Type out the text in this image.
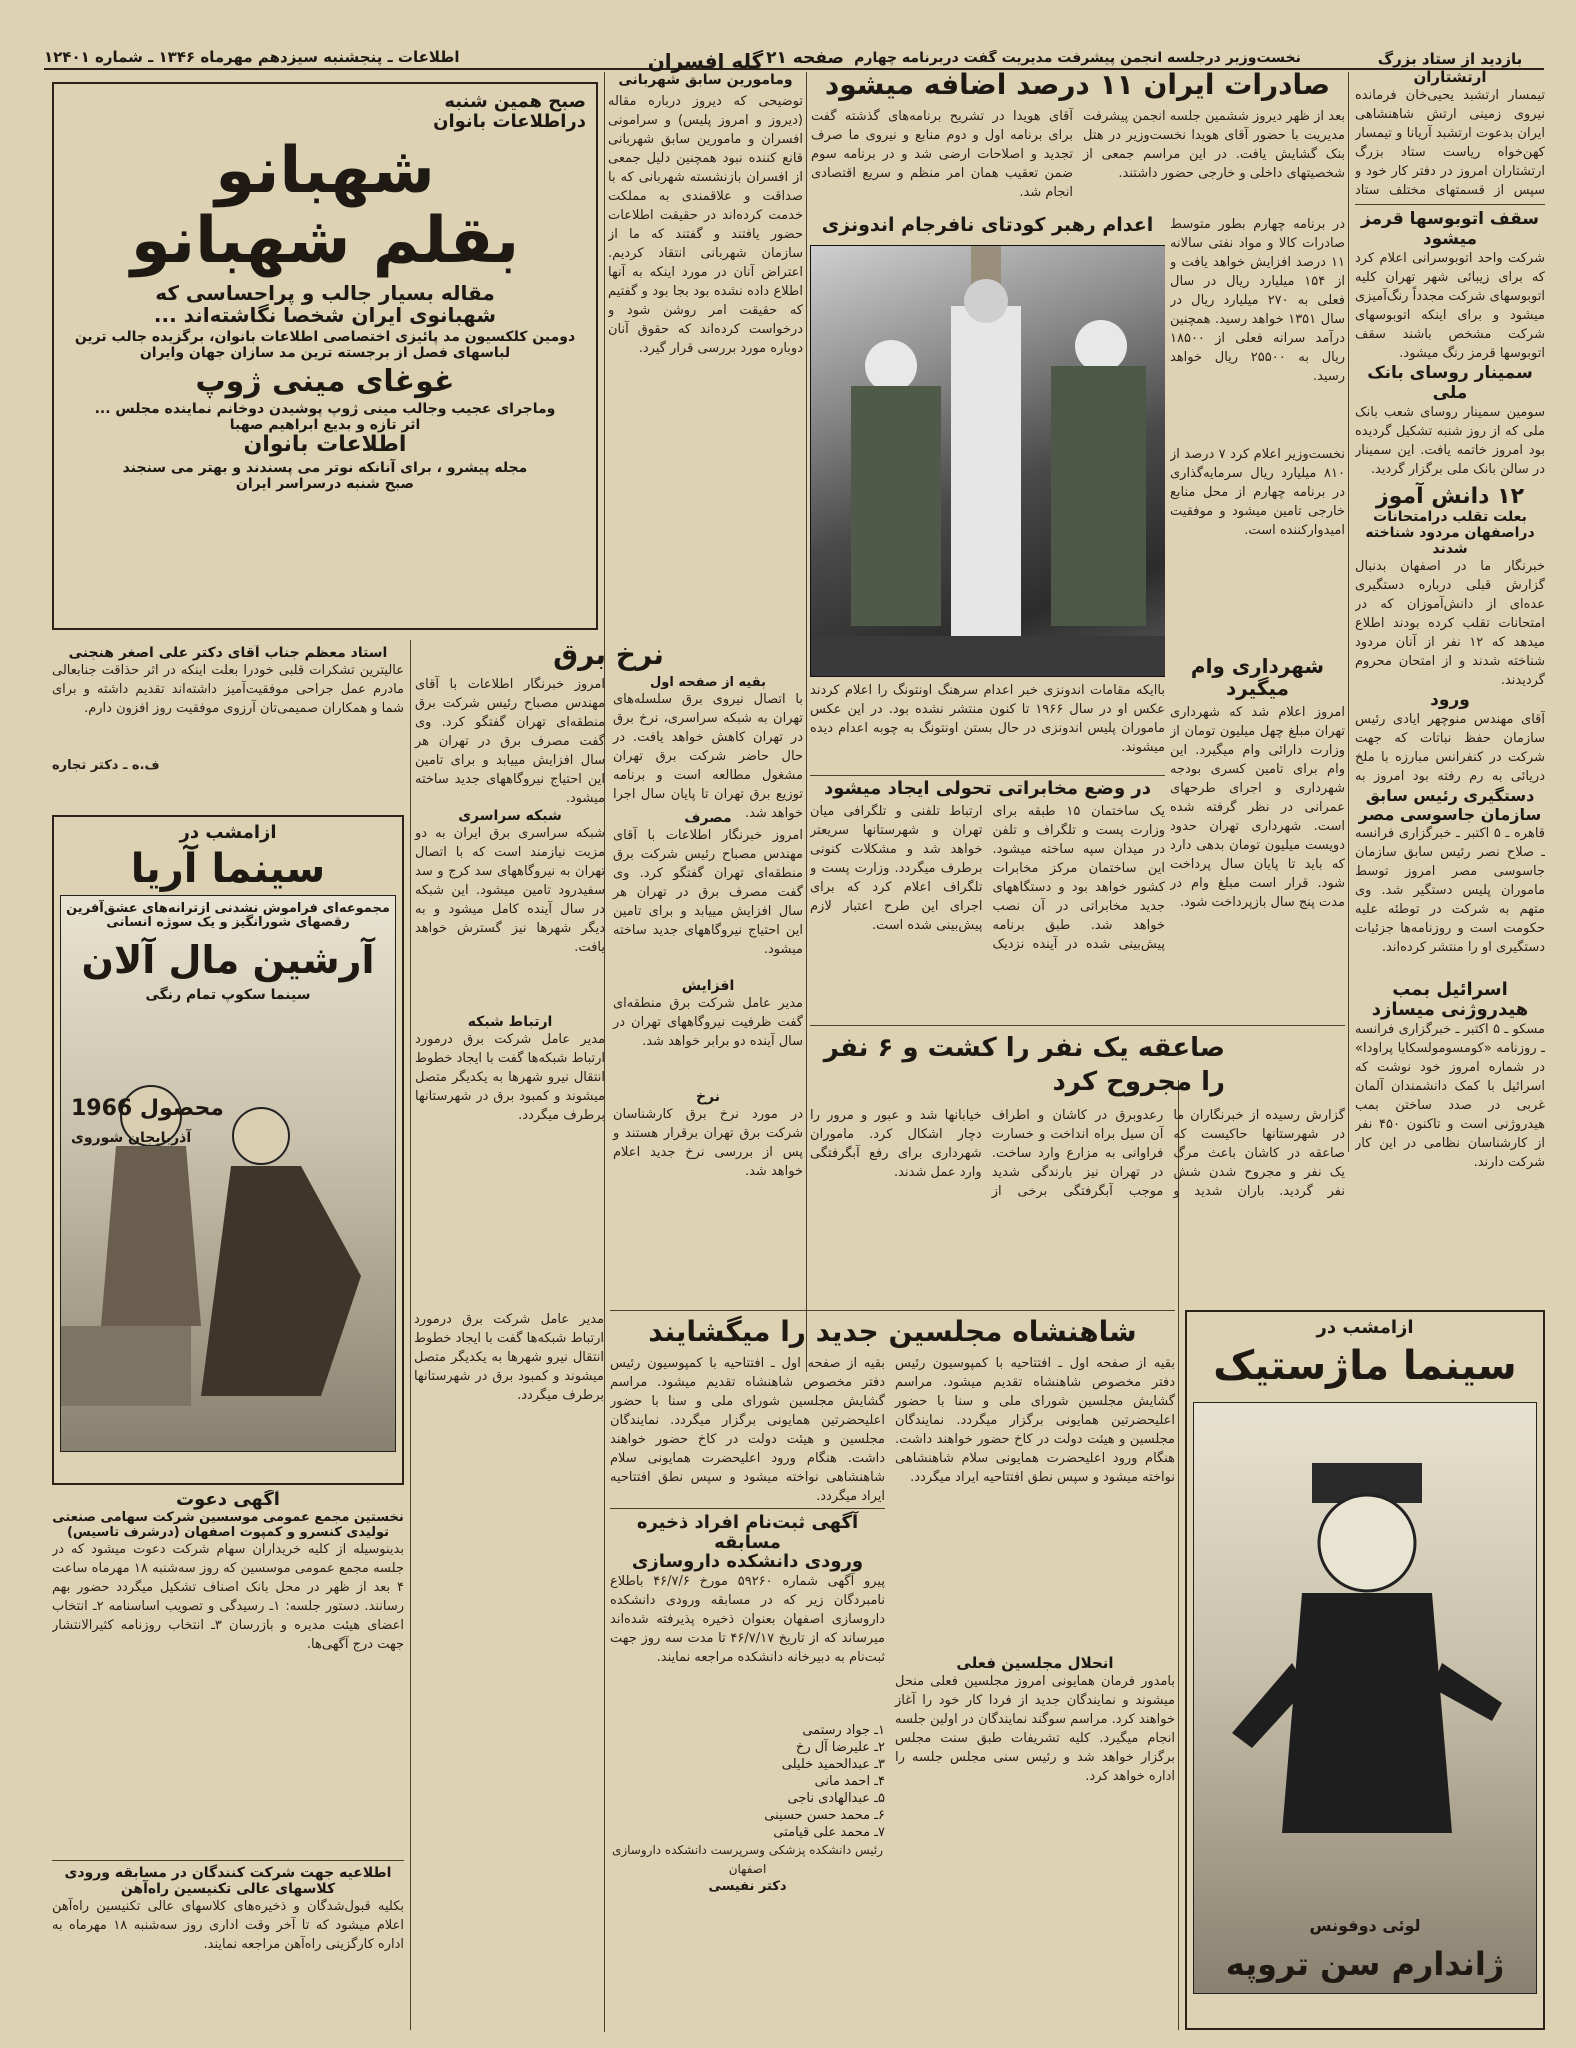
اطلاعات ـ پنجشنبه سیزدهم مهرماه ۱۳۴۶ ـ شماره ۱۲۴۰۱	صفحه ۲۱	بازدید از ستاد بزرگ ارتشتاران
تیمسار ارتشبد یحیی‌خان فرمانده نیروی زمینی ارتش شاهنشاهی ایران بدعوت ارتشبد آریانا و تیمسار کهن‌خواه ریاست ستاد بزرگ ارتشتاران امروز در دفتر کار خود و سپس از قسمتهای مختلف ستاد
سقف اتوبوسها قرمز میشود
شرکت واحد اتوبوسرانی اعلام کرد که برای زیبائی شهر تهران کلیه اتوبوسهای شرکت مجدداً رنگ‌آمیزی میشود و برای اینکه اتوبوسهای شرکت مشخص باشند سقف اتوبوسها قرمز رنگ میشود.
سمینار روسای بانک ملی
سومین سمینار روسای شعب بانک ملی که از روز شنبه تشکیل گردیده بود امروز خاتمه یافت. این سمینار در سالن بانک ملی برگزار گردید.
۱۲ دانش آموز
بعلت تقلب درامتحانات دراصفهان مردود شناخته شدند
خبرنگار ما در اصفهان بدنبال گزارش قبلی درباره دستگیری عده‌ای از دانش‌آموزان که در امتحانات تقلب کرده بودند اطلاع میدهد که ۱۲ نفر از آنان مردود شناخته شدند و از امتحان محروم گردیدند.
ورود
آقای مهندس منوچهر ایادی رئیس سازمان حفظ نباتات که جهت شرکت در کنفرانس مبارزه با ملخ دریائی به رم رفته بود امروز به
دستگیری رئیس سابق سازمان جاسوسی مصر
قاهره ـ ۵ اکتبر ـ خبرگزاری فرانسه ـ صلاح نصر رئیس سابق سازمان جاسوسی مصر امروز توسط ماموران پلیس دستگیر شد. وی متهم به شرکت در توطئه علیه حکومت است و روزنامه‌ها جزئیات دستگیری او را منتشر کرده‌اند.
اسرائیل بمب هیدروژنی میسازد
مسکو ـ ۵ اکتبر ـ خبرگزاری فرانسه ـ روزنامه «کومسومولسکایا پراودا» در شماره امروز خود نوشت که اسرائیل با کمک دانشمندان آلمان غربی در صدد ساختن بمب هیدروژنی است و تاکنون ۴۵۰ نفر از کارشناسان نظامی در این کار شرکت دارند.
نخست‌وزیر درجلسه انجمن پیشرفت مدیریت گفت دربرنامه چهارم
صادرات ایران ۱۱ درصد اضافه میشود
بعد از ظهر دیروز ششمین جلسه انجمن پیشرفت مدیریت با حضور آقای هویدا نخست‌وزیر در هتل بنک گشایش یافت. در این مراسم جمعی از شخصیتهای داخلی و خارجی حضور داشتند.
آقای هویدا در تشریح برنامه‌های گذشته گفت برای برنامه اول و دوم منابع و نیروی ما صرف تجدید و اصلاحات ارضی شد و در برنامه سوم ضمن تعقیب همان امر منظم و سریع اقتصادی انجام شد.
در برنامه چهارم بطور متوسط صادرات کالا و مواد نفتی سالانه ۱۱ درصد افزایش خواهد یافت و از ۱۵۴ میلیارد ریال در سال فعلی به ۲۷۰ میلیارد ریال در سال ۱۳۵۱ خواهد رسید. همچنین درآمد سرانه فعلی از ۱۸۵۰۰ ریال به ۲۵۵۰۰ ریال خواهد رسید.
نخست‌وزیر اعلام کرد ۷ درصد از ۸۱۰ میلیارد ریال سرمایه‌گذاری در برنامه چهارم از محل منابع خارجی تامین میشود و موفقیت امیدوارکننده است.
اعدام رهبر کودتای نافرجام اندونزی
باایکه مقامات اندونزی خبر اعدام سرهنگ اونتونگ را اعلام کردند عکس او در سال ۱۹۶۶ تا کنون منتشر نشده بود. در این عکس ماموران پلیس اندونزی در حال بستن اونتونگ به چوبه اعدام دیده میشوند.
شهرداری وام میگیرد
امروز اعلام شد که شهرداری تهران مبلغ چهل میلیون تومان از وزارت دارائی وام میگیرد. این وام برای تامین کسری بودجه شهرداری و اجرای طرحهای عمرانی در نظر گرفته شده است. شهرداری تهران حدود دویست میلیون تومان بدهی دارد که باید تا پایان سال پرداخت شود. قرار است مبلغ وام در مدت پنج سال بازپرداخت شود.
در وضع مخابراتی تحولی ایجاد میشود
یک ساختمان ۱۵ طبقه برای وزارت پست و تلگراف و تلفن در میدان سپه ساخته میشود. این ساختمان مرکز مخابرات کشور خواهد بود و دستگاههای جدید مخابراتی در آن نصب خواهد شد. طبق برنامه پیش‌بینی شده در آینده نزدیک ارتباط تلفنی و تلگرافی میان تهران و شهرستانها سریعتر خواهد شد و مشکلات کنونی برطرف میگردد. وزارت پست و تلگراف اعلام کرد که برای اجرای این طرح اعتبار لازم پیش‌بینی شده است.
صاعقه یک نفر را کشت و ۶ نفر را مجروح کرد
گزارش رسیده از خبرنگاران ما در شهرستانها حاکیست که صاعقه در کاشان باعث مرگ یک نفر و مجروح شدن شش نفر گردید. باران شدید و رعدوبرق در کاشان و اطراف آن سیل براه انداخت و خسارت فراوانی به مزارع وارد ساخت. در تهران نیز بارندگی شدید موجب آبگرفتگی برخی از خیابانها شد و عبور و مرور را دچار اشکال کرد. ماموران شهرداری برای رفع آبگرفتگی وارد عمل شدند.
شاهنشاه مجلسین جدید را میگشایند
بقیه از صفحه اول ـ افتتاحیه با کمپوسیون رئیس دفتر مخصوص شاهنشاه تقدیم میشود. مراسم گشایش مجلسین شورای ملی و سنا با حضور اعلیحضرتین همایونی برگزار میگردد. نمایندگان مجلسین و هیئت دولت در کاخ حضور خواهند داشت. هنگام ورود اعلیحضرت همایونی سلام شاهنشاهی نواخته میشود و سپس نطق افتتاحیه ایراد میگردد.
انحلال مجلسین فعلی
بامدور فرمان همایونی امروز مجلسین فعلی منحل میشوند و نمایندگان جدید از فردا کار خود را آغاز خواهند کرد. مراسم سوگند نمایندگان در اولین جلسه انجام میگیرد. کلیه تشریفات طبق سنت مجلس برگزار خواهد شد و رئیس سنی مجلس جلسه را اداره خواهد کرد.
بقیه از صفحه اول ـ افتتاحیه با کمپوسیون رئیس دفتر مخصوص شاهنشاه تقدیم میشود. مراسم گشایش مجلسین شورای ملی و سنا با حضور اعلیحضرتین همایونی برگزار میگردد. نمایندگان مجلسین و هیئت دولت در کاخ حضور خواهند داشت. هنگام ورود اعلیحضرت همایونی سلام شاهنشاهی نواخته میشود و سپس نطق افتتاحیه ایراد میگردد.
آگهی ثبت‌نام افراد ذخیره مسابقه
ورودی دانشکده داروسازی
پیرو آگهی شماره ۵۹۲۶۰ مورخ ۴۶/۷/۶ باطلاع نامبردگان زیر که در مسابقه ورودی دانشکده داروسازی اصفهان بعنوان ذخیره پذیرفته شده‌اند میرساند که از تاریخ ۴۶/۷/۱۷ تا مدت سه روز جهت ثبت‌نام به دبیرخانه دانشکده مراجعه نمایند.
۱ـ جواد رستمی
۲ـ علیرضا آل رخ
۳ـ عبدالحمید خلیلی
۴ـ احمد مانی
۵ـ عبدالهادی ناجی
۶ـ محمد حسن حسینی
۷ـ محمد علی قیامتی
رئیس دانشکده پزشکی وسرپرست دانشکده داروسازی اصفهان
دکتر نفیسی
ازامشب در
سینما ماژستیک
لوئی دوفونس
ژاندارم سن تروپه
گله افسران
ومامورین سابق شهربانی
توضیحی که دیروز درباره مقاله (دیروز و امروز پلیس) و سرامونی افسران و مامورین سابق شهربانی قانع کننده نبود همچنین دلیل جمعی از افسران بازنشسته شهربانی که با صداقت و علاقمندی به مملکت خدمت کرده‌اند در حقیقت اطلاعات حضور یافتند و گفتند که ما از سازمان شهربانی انتقاد کردیم. اعتراض آنان در مورد اینکه به آنها اطلاع داده نشده بود بجا بود و گفتیم که حقیقت امر روشن شود و درخواست کرده‌اند که حقوق آنان دوباره مورد بررسی قرار گیرد.
نرخ برق
بقیه از صفحه اول
با اتصال نیروی برق سلسله‌های تهران به شبکه سراسری، نرخ برق در تهران کاهش خواهد یافت. در حال حاضر شرکت برق تهران مشغول مطالعه است و برنامه توزیع برق تهران تا پایان سال اجرا خواهد شد.
مصرف
امروز خبرنگار اطلاعات با آقای مهندس مصباح رئیس شرکت برق منطقه‌ای تهران گفتگو کرد. وی گفت مصرف برق در تهران هر سال افزایش مییابد و برای تامین این احتیاج نیروگاههای جدید ساخته میشود.
افزایش
مدیر عامل شرکت برق منطقه‌ای گفت ظرفیت نیروگاههای تهران در سال آینده دو برابر خواهد شد.
نرخ
در مورد نرخ برق کارشناسان شرکت برق تهران برقرار هستند و پس از بررسی نرخ جدید اعلام خواهد شد.
امروز خبرنگار اطلاعات با آقای مهندس مصباح رئیس شرکت برق منطقه‌ای تهران گفتگو کرد. وی گفت مصرف برق در تهران هر سال افزایش مییابد و برای تامین این احتیاج نیروگاههای جدید ساخته میشود.
شبکه سراسری
شبکه سراسری برق ایران به دو مزیت نیازمند است که با اتصال تهران به نیروگاههای سد کرج و سد سفیدرود تامین میشود. این شبکه در سال آینده کامل میشود و به دیگر شهرها نیز گسترش خواهد یافت.
ارتباط شبکه
مدیر عامل شرکت برق درمورد ارتباط شبکه‌ها گفت با ایجاد خطوط انتقال نیرو شهرها به یکدیگر متصل میشوند و کمبود برق در شهرستانها برطرف میگردد.
مدیر عامل شرکت برق درمورد ارتباط شبکه‌ها گفت با ایجاد خطوط انتقال نیرو شهرها به یکدیگر متصل میشوند و کمبود برق در شهرستانها برطرف میگردد.
صبح همین شنبه
دراطلاعات بانوان
شهبانو
بقلم شهبانو
مقاله بسیار جالب و پراحساسی که
شهبانوی ایران شخصا نگاشته‌اند ...
دومین کلکسیون مد پائیزی اختصاصی اطلاعات بانوان، برگزیده جالب ترین
لباسهای فصل از برجسته ترین مد سازان جهان وایران
غوغای مینی ژوپ
وماجرای عجیب وجالب مینی ژوپ پوشیدن دوخانم نماینده مجلس ...
اثر تازه و بدیع ابراهیم صهبا
اطلاعات بانوان
مجله پیشرو ، برای آنانکه نوتر می پسندند و بهتر می سنجند
صبح شنبه درسراسر ایران
استاد معظم جناب آقای دکتر علی اصغر هنجنی
عالیترین تشکرات قلبی خودرا بعلت اینکه در اثر حذاقت جنابعالی مادرم عمل جراحی موفقیت‌آمیز داشته‌اند تقدیم داشته و برای شما و همکاران صمیمی‌تان آرزوی موفقیت روز افزون دارم.
ف.ه ـ دکتر تجاره
ازامشب در
سینما آریا
مجموعه‌ای فراموش نشدنی ازترانه‌های عشق‌آفرین
رقصهای شورانگیز و یک سوژه انسانی
آرشین مال آلان
سینما سکوپ تمام رنگی
محصول 1966
آذربایجان شوروی
آگهی دعوت
نخستین مجمع عمومی موسسین شرکت سهامی صنعتی تولیدی کنسرو و کمپوت اصفهان (درشرف تاسیس)
بدینوسیله از کلیه خریداران سهام شرکت دعوت میشود که در جلسه مجمع عمومی موسسین که روز سه‌شنبه ۱۸ مهرماه ساعت ۴ بعد از ظهر در محل بانک اصناف تشکیل میگردد حضور بهم رسانند. دستور جلسه: ۱ـ رسیدگی و تصویب اساسنامه ۲ـ انتخاب اعضای هیئت مدیره و بازرسان ۳ـ انتخاب روزنامه کثیرالانتشار جهت درج آگهی‌ها.
اطلاعیه جهت شرکت کنندگان در مسابقه ورودی کلاسهای عالی تکنیسین راه‌آهن
بکلیه قبول‌شدگان و ذخیره‌های کلاسهای عالی تکنیسین راه‌آهن اعلام میشود که تا آخر وقت اداری روز سه‌شنبه ۱۸ مهرماه به اداره کارگزینی راه‌آهن مراجعه نمایند.
